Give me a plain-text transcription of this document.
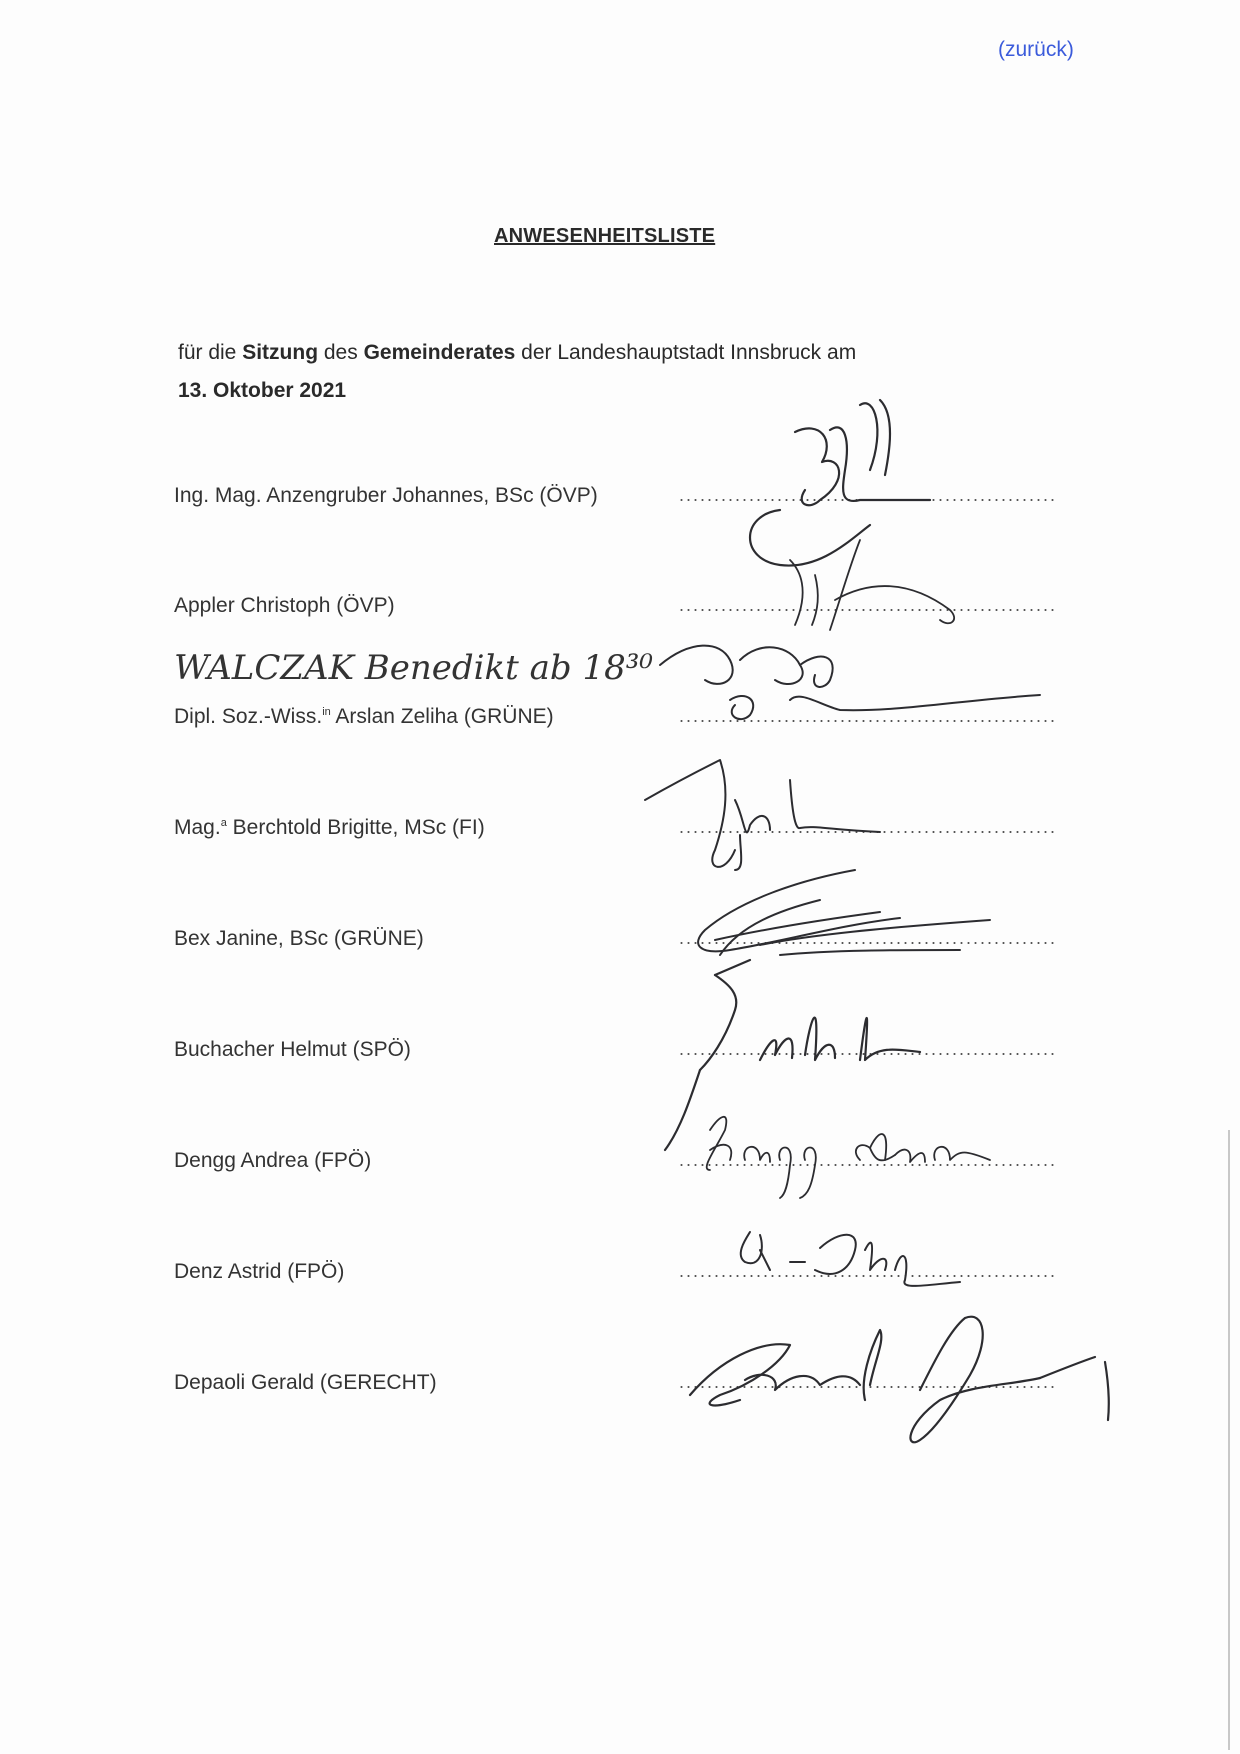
(zurück)
ANWESENHEITSLISTE
für die Sitzung des Gemeinderates der Landeshauptstadt Innsbruck am
13. Oktober 2021
Ing. Mag. Anzengruber Johannes, BSc (ÖVP)
Appler Christoph (ÖVP)
Dipl. Soz.-Wiss.$^{in}$ Arslan Zeliha (GRÜNE)
Mag.$^a$ Berchtold Brigitte, MSc (FI)
Bex Janine, BSc (GRÜNE)
Buchacher Helmut (SPÖ)
Dengg Andrea (FPÖ)
Denz Astrid (FPÖ)
Depaoli Gerald (GERECHT)
WALCZAK Benedikt ab 18³⁰
